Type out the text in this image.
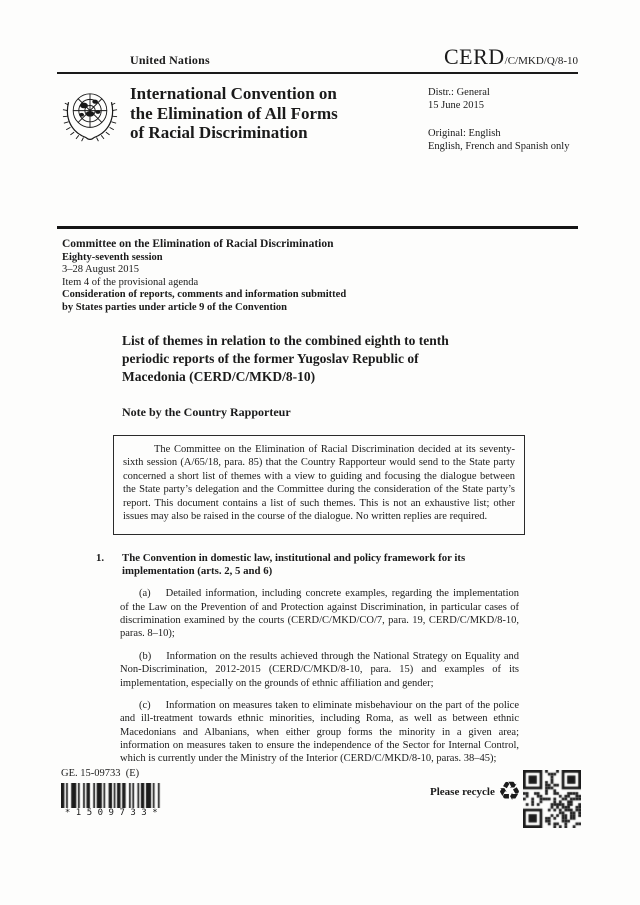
United Nations	CERD/C/MKD/Q/8-10
International Convention on
the Elimination of All Forms
of Racial Discrimination
Distr.: General
15 June 2015
Original: English
English, French and Spanish only
Committee on the Elimination of Racial Discrimination
Eighty-seventh session
3–28 August 2015
Item 4 of the provisional agenda
Consideration of reports, comments and information submitted
by States parties under article 9 of the Convention
List of themes in relation to the combined eighth to tenth
periodic reports of the former Yugoslav Republic of
Macedonia (CERD/C/MKD/8-10)
Note by the Country Rapporteur

The Committee on the Elimination of Racial Discrimination decided at its seventy-sixth session (A/65/18, para. 85) that the Country Rapporteur would send to the State party concerned a short list of themes with a view to guiding and focusing the dialogue between the State party’s delegation and the Committee during the consideration of the State party’s report. This document contains a list of such themes. This is not an exhaustive list; other issues may also be raised in the course of the dialogue. No written replies are required.

1. The Convention in domestic law, institutional and policy framework for its
implementation (arts. 2, 5 and 6)

(a) Detailed information, including concrete examples, regarding the implementation of the Law on the Prevention of and Protection against Discrimination, in particular cases of discrimination examined by the courts (CERD/C/MKD/CO/7, para. 19, CERD/C/MKD/8-10, paras. 8–10);

(b) Information on the results achieved through the National Strategy on Equality and Non-Discrimination, 2012-2015 (CERD/C/MKD/8-10, para. 15) and examples of its implementation, especially on the grounds of ethnic affiliation and gender;

(c) Information on measures taken to eliminate misbehaviour on the part of the police and ill-treatment towards ethnic minorities, including Roma, as well as between ethnic Macedonians and Albanians, when either group forms the minority in a given area; information on measures taken to ensure the independence of the Sector for Internal Control, which is currently under the Ministry of the Interior (CERD/C/MKD/8-10, paras. 38–45);

GE. 15-09733  (E)
*1509733*
Please recycle ♻
